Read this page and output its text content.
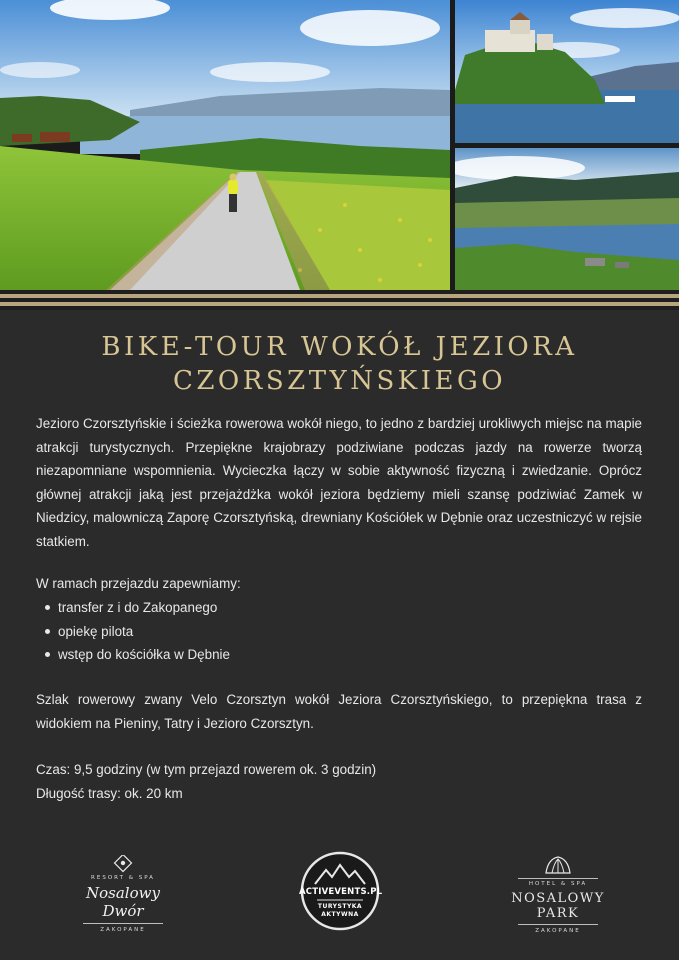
BIKE-TOUR WOKÓŁ JEZIORA
CZORSZTYŃSKIEGO

Jezioro Czorsztyńskie i ścieżka rowerowa wokół niego, to jedno z bardziej urokliwych miejsc na mapie atrakcji turystycznych. Przepiękne krajobrazy podziwiane podczas jazdy na rowerze tworzą niezapomniane wspomnienia. Wycieczka łączy w sobie aktywność fizyczną i zwiedzanie. Oprócz głównej atrakcji jaką jest przejażdżka wokół jeziora będziemy mieli szansę podziwiać Zamek w Niedzicy, malowniczą Zaporę Czorsztyńską, drewniany Kościółek w Dębnie oraz uczestniczyć w rejsie statkiem.

W ramach przejazdu zapewniamy:

transfer z i do Zakopanego
opiekę pilota
wstęp do kościółka w Dębnie

Szlak rowerowy zwany Velo Czorsztyn wokół Jeziora Czorsztyńskiego, to przepiękna trasa z widokiem na Pieniny, Tatry i Jezioro Czorsztyn.

Czas: 9,5 godziny (w tym przejazd rowerem ok. 3 godzin)

Długość trasy: ok. 20 km

RESORT & SPA
Nosalowy Dwór
ZAKOPANE
ACTIVEVENTS.PL
TURYSTYKA
AKTYWNA
HOTEL & SPA
NOSALOWY PARK
ZAKOPANE
